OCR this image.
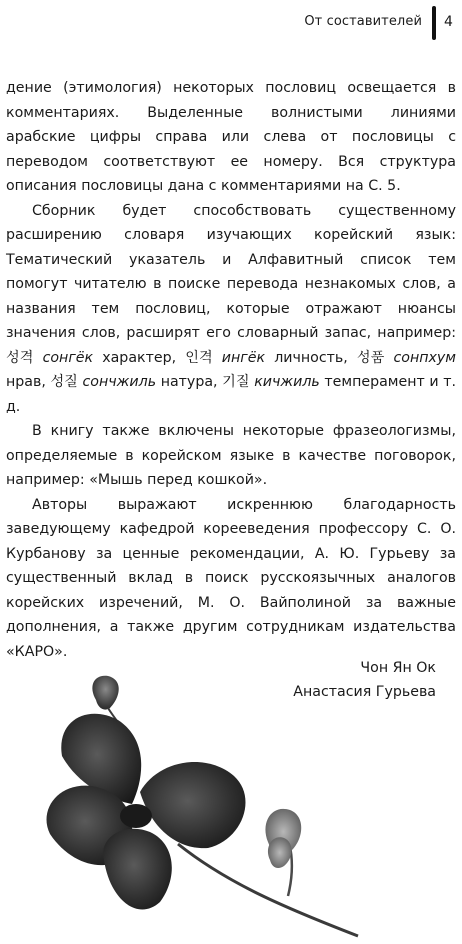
От составителей 4

дение (этимология) некоторых пословиц освещается в комментариях. Выделенные волнистыми линиями арабские цифры справа или слева от пословицы с переводом соответствуют ее номеру. Вся структура описания пословицы дана с комментариями на С. 5.

Сборник будет способствовать существенному расширению словаря изучающих корейский язык: Тематический указатель и Алфавитный список тем помогут читателю в поиске перевода незнакомых слов, а названия тем пословиц, которые отражают нюансы значения слов, расширят его словарный запас, например: 성격 сонгёк характер, 인격 ингёк личность, 성품 сонпхум нрав, 성질 сончжиль натура, 기질 кичжиль темперамент и т. д.

В книгу также включены некоторые фразеологизмы, определяемые в корейском языке в качестве поговорок, например: «Мышь перед кошкой».

Авторы выражают искреннюю благодарность заведующему кафедрой корееведения профессору С. О. Курбанову за ценные рекомендации, А. Ю. Гурьеву за существенный вклад в поиск русскоязычных аналогов корейских изречений, М. О. Вайполиной за важные дополнения, а также другим сотрудникам издательства «КАРО».

Чон Ян Ок
Анастасия Гурьева
